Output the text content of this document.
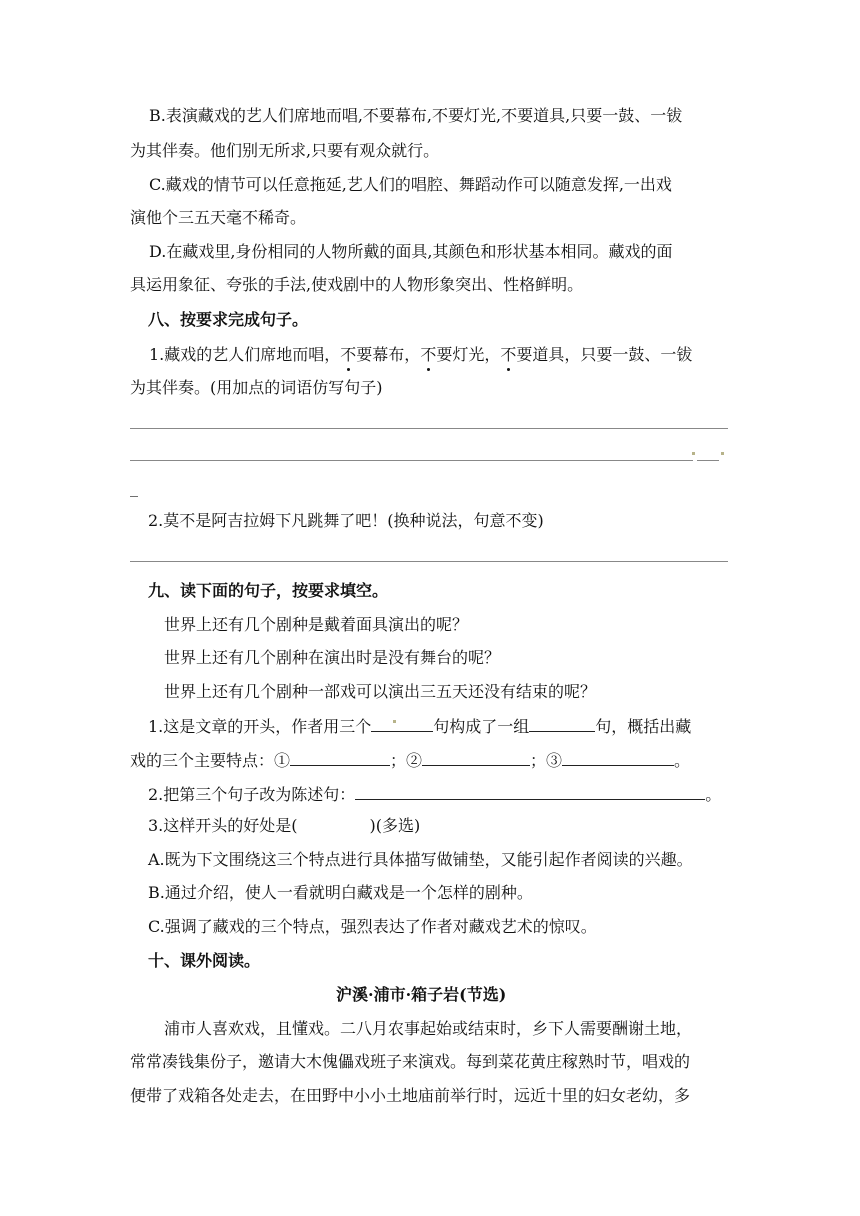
B.表演藏戏的艺人们席地而唱,不要幕布,不要灯光,不要道具,只要一鼓、一钹
为其伴奏。他们别无所求,只要有观众就行。
C.藏戏的情节可以任意拖延,艺人们的唱腔、舞蹈动作可以随意发挥,一出戏
演他个三五天毫不稀奇。
D.在藏戏里,身份相同的人物所戴的面具,其颜色和形状基本相同。藏戏的面
具运用象征、夸张的手法,使戏剧中的人物形象突出、性格鲜明。
八、按要求完成句子。
1.藏戏的艺人们席地而唱，不要幕布，不要灯光，不要道具，只要一鼓、一钹
为其伴奏。(用加点的词语仿写句子)
_
2.莫不是阿吉拉姆下凡跳舞了吧！(换种说法，句意不变)
九、读下面的句子，按要求填空。
世界上还有几个剧种是戴着面具演出的呢？
世界上还有几个剧种在演出时是没有舞台的呢？
世界上还有几个剧种一部戏可以演出三五天还没有结束的呢？
1.这是文章的开头，作者用三个	句构成了一组	句，概括出藏
戏的三个主要特点：①	；②	；③	。
2.把第三个句子改为陈述句：	。
3.这样开头的好处是(	)(多选)
A.既为下文围绕这三个特点进行具体描写做铺垫，又能引起作者阅读的兴趣。
B.通过介绍，使人一看就明白藏戏是一个怎样的剧种。
C.强调了藏戏的三个特点，强烈表达了作者对藏戏艺术的惊叹。
十、课外阅读。
沪溪·浦市·箱子岩(节选)
浦市人喜欢戏，且懂戏。二八月农事起始或结束时，乡下人需要酬谢土地，
常常凑钱集份子，邀请大木傀儡戏班子来演戏。每到菜花黄庄稼熟时节，唱戏的
便带了戏箱各处走去，在田野中小小土地庙前举行时，远近十里的妇女老幼，多
